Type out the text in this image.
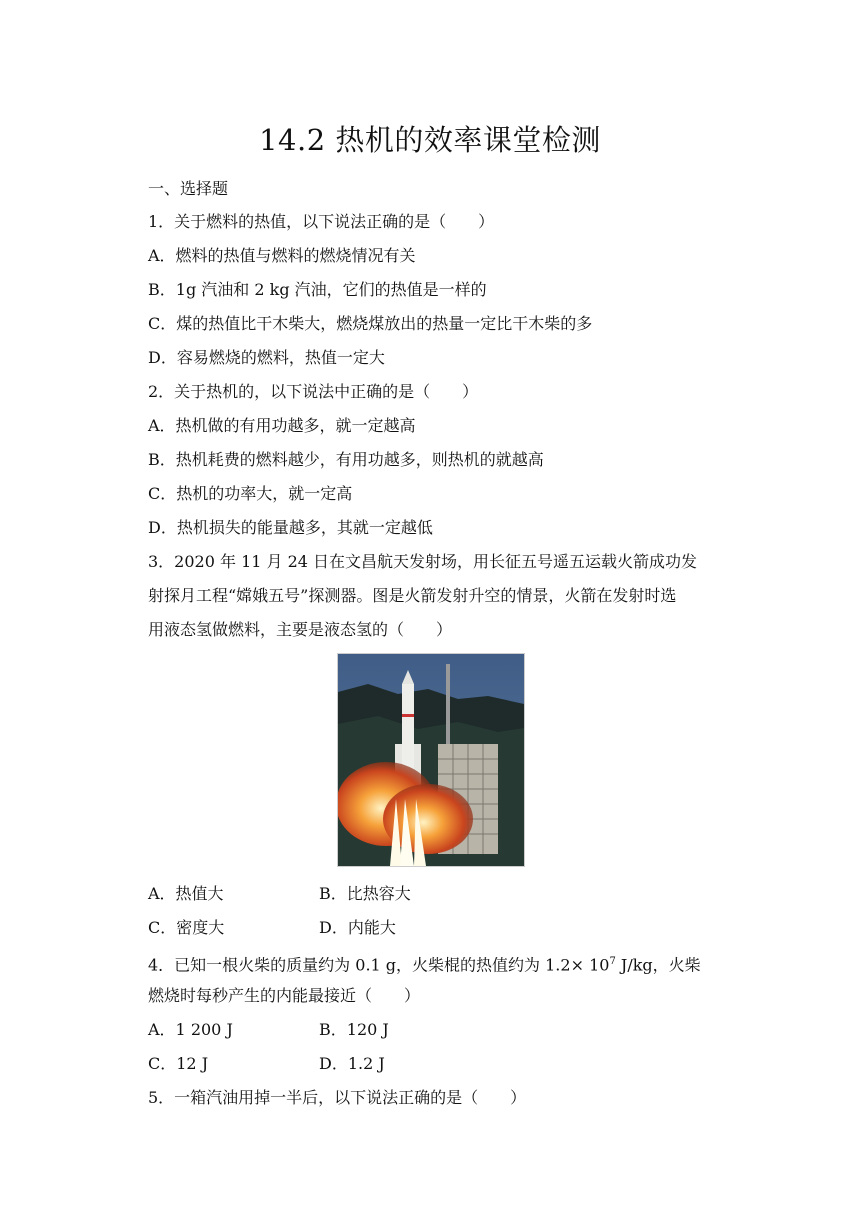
14.2 热机的效率课堂检测
一、选择题
1．关于燃料的热值，以下说法正确的是（　　）
A．燃料的热值与燃料的燃烧情况有关
B．1g 汽油和 2 kg 汽油，它们的热值是一样的
C．煤的热值比干木柴大，燃烧煤放出的热量一定比干木柴的多
D．容易燃烧的燃料，热值一定大
2．关于热机的，以下说法中正确的是（　　）
A．热机做的有用功越多，就一定越高
B．热机耗费的燃料越少，有用功越多，则热机的就越高
C．热机的功率大，就一定高
D．热机损失的能量越多，其就一定越低
3．2020 年 11 月 24 日在文昌航天发射场，用长征五号遥五运载火箭成功发
射探月工程“嫦娥五号”探测器。图是火箭发射升空的情景，火箭在发射时选
用液态氢做燃料，主要是液态氢的（　　）
A．热值大	B．比热容大
C．密度大	D．内能大
4．已知一根火柴的质量约为 0.1 g，火柴棍的热值约为 $1.2\times 10^7$ J/kg，火柴
燃烧时每秒产生的内能最接近（　　）
A．1 200 J	B．120 J
C．12 J	D．1.2 J
5．一箱汽油用掉一半后，以下说法正确的是（　　）
